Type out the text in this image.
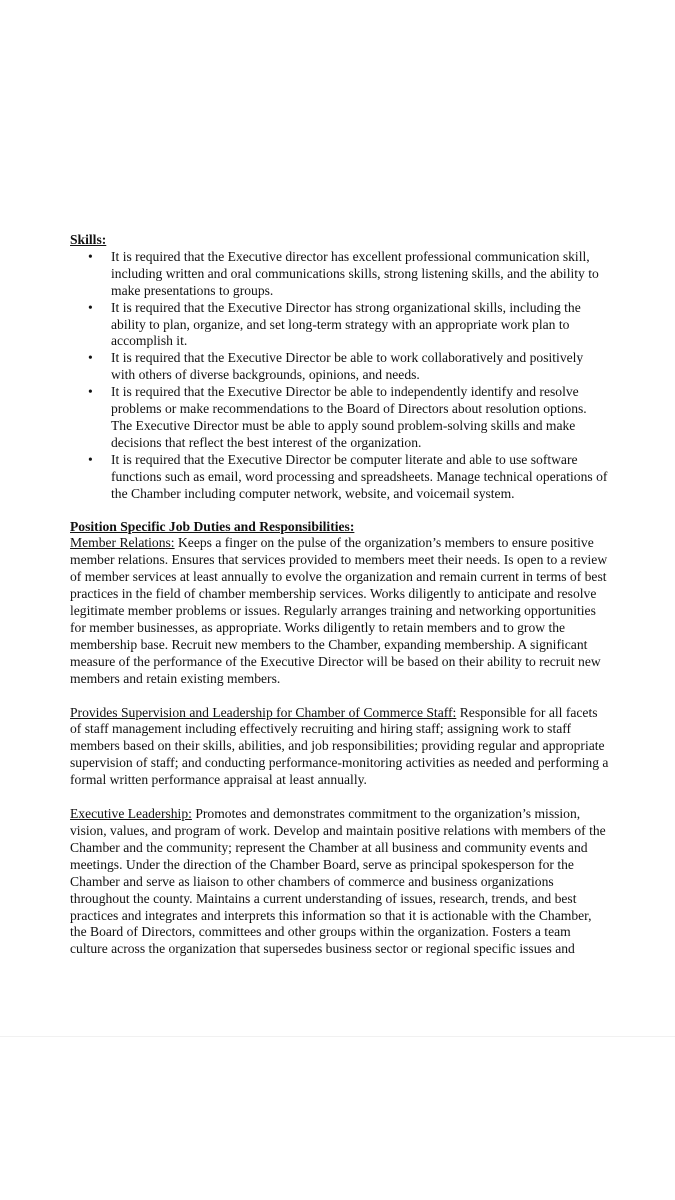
Skills:
• It is required that the Executive director has excellent professional communication skill, including written and oral communications skills, strong listening skills, and the ability to make presentations to groups.
• It is required that the Executive Director has strong organizational skills, including the ability to plan, organize, and set long-term strategy with an appropriate work plan to accomplish it.
• It is required that the Executive Director be able to work collaboratively and positively with others of diverse backgrounds, opinions, and needs.
• It is required that the Executive Director be able to independently identify and resolve problems or make recommendations to the Board of Directors about resolution options. The Executive Director must be able to apply sound problem-solving skills and make decisions that reflect the best interest of the organization.
• It is required that the Executive Director be computer literate and able to use software functions such as email, word processing and spreadsheets. Manage technical operations of the Chamber including computer network, website, and voicemail system.
Position Specific Job Duties and Responsibilities:

Member Relations: Keeps a finger on the pulse of the organization’s members to ensure positive member relations. Ensures that services provided to members meet their needs. Is open to a review of member services at least annually to evolve the organization and remain current in terms of best practices in the field of chamber membership services. Works diligently to anticipate and resolve legitimate member problems or issues. Regularly arranges training and networking opportunities for member businesses, as appropriate. Works diligently to retain members and to grow the membership base. Recruit new members to the Chamber, expanding membership. A significant measure of the performance of the Executive Director will be based on their ability to recruit new members and retain existing members.

Provides Supervision and Leadership for Chamber of Commerce Staff: Responsible for all facets of staff management including effectively recruiting and hiring staff; assigning work to staff members based on their skills, abilities, and job responsibilities; providing regular and appropriate supervision of staff; and conducting performance-monitoring activities as needed and performing a formal written performance appraisal at least annually.

Executive Leadership: Promotes and demonstrates commitment to the organization’s mission, vision, values, and program of work. Develop and maintain positive relations with members of the Chamber and the community; represent the Chamber at all business and community events and meetings. Under the direction of the Chamber Board, serve as principal spokesperson for the Chamber and serve as liaison to other chambers of commerce and business organizations throughout the county. Maintains a current understanding of issues, research, trends, and best practices and integrates and interprets this information so that it is actionable with the Chamber, the Board of Directors, committees and other groups within the organization. Fosters a team culture across the organization that supersedes business sector or regional specific issues and
